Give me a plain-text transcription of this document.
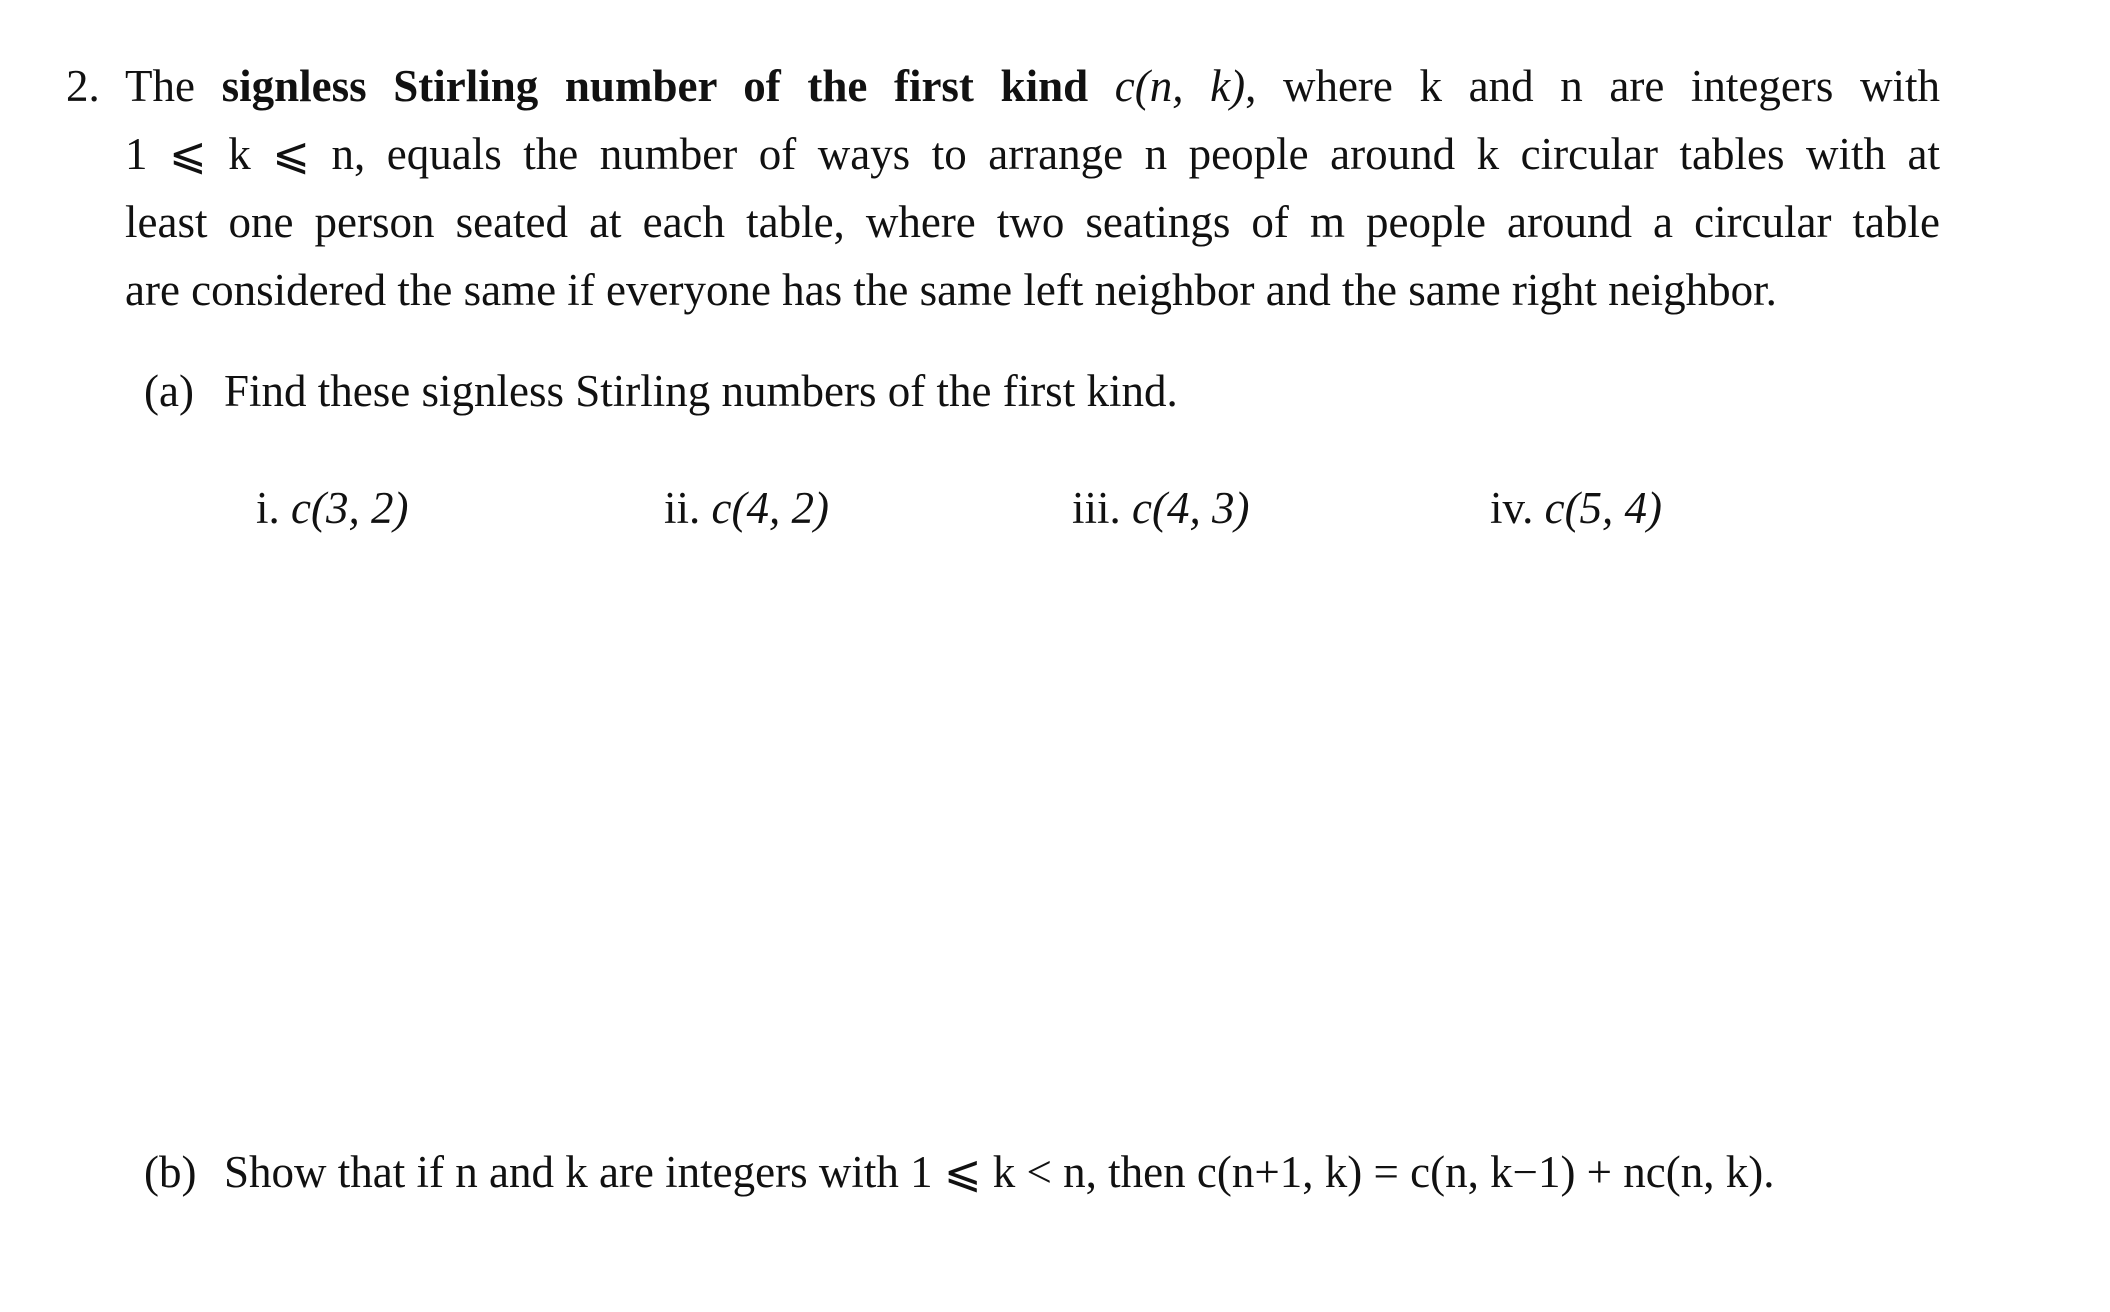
2. The signless Stirling number of the first kind c(n, k), where k and n are integers with
1 ⩽ k ⩽ n, equals the number of ways to arrange n people around k circular tables with at
least one person seated at each table, where two seatings of m people around a circular table
are considered the same if everyone has the same left neighbor and the same right neighbor.
(a) Find these signless Stirling numbers of the first kind.
i. c(3, 2)	ii. c(4, 2)	iii. c(4, 3)	iv. c(5, 4)
(b) Show that if n and k are integers with 1 ⩽ k < n, then c(n+1, k) = c(n, k−1) + nc(n, k).
